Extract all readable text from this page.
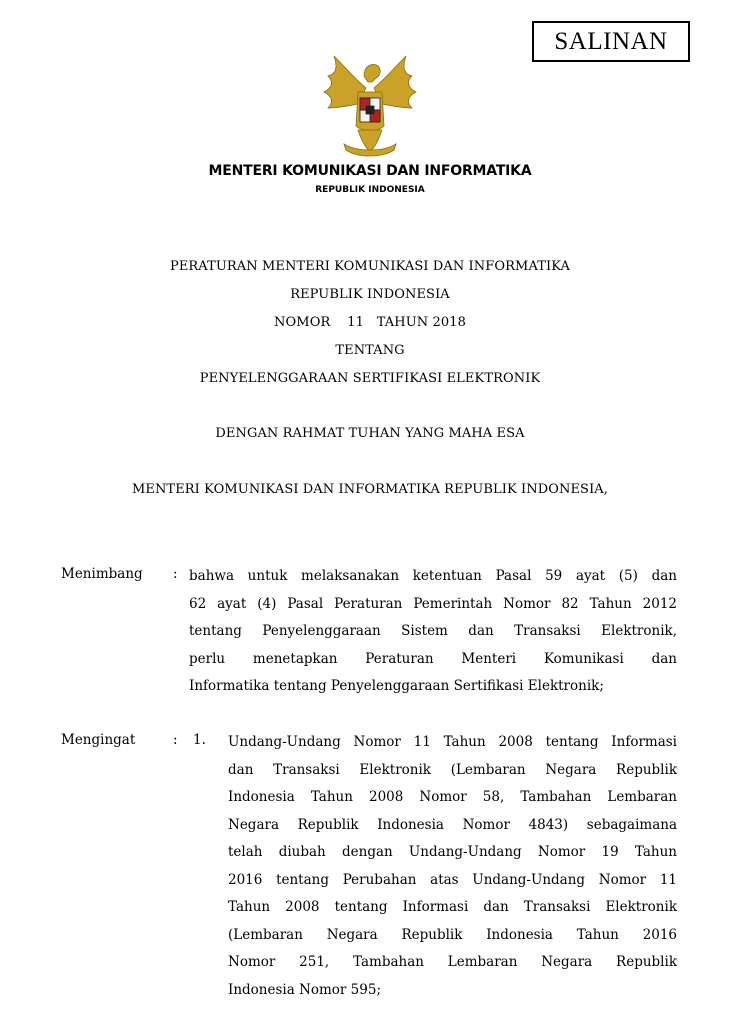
SALINAN
MENTERI KOMUNIKASI DAN INFORMATIKA
REPUBLIK INDONESIA
PERATURAN MENTERI KOMUNIKASI DAN INFORMATIKA
REPUBLIK INDONESIA
NOMOR    11   TAHUN 2018
TENTANG
PENYELENGGARAAN SERTIFIKASI ELEKTRONIK
DENGAN RAHMAT TUHAN YANG MAHA ESA
MENTERI KOMUNIKASI DAN INFORMATIKA REPUBLIK INDONESIA,
Menimbang : bahwa untuk melaksanakan ketentuan Pasal 59 ayat (5) dan
62 ayat (4) Pasal Peraturan Pemerintah Nomor 82 Tahun 2012
tentang Penyelenggaraan Sistem dan Transaksi Elektronik,
perlu menetapkan Peraturan Menteri Komunikasi dan
Informatika tentang Penyelenggaraan Sertifikasi Elektronik;
Mengingat	: 1. Undang-Undang Nomor 11 Tahun 2008 tentang Informasi
dan Transaksi Elektronik (Lembaran Negara Republik
Indonesia Tahun 2008 Nomor 58, Tambahan Lembaran
Negara Republik Indonesia Nomor 4843) sebagaimana
telah diubah dengan Undang-Undang Nomor 19 Tahun
2016 tentang Perubahan atas Undang-Undang Nomor 11
Tahun 2008 tentang Informasi dan Transaksi Elektronik
(Lembaran Negara Republik Indonesia Tahun 2016
Nomor 251, Tambahan Lembaran Negara Republik
Indonesia Nomor 595;
